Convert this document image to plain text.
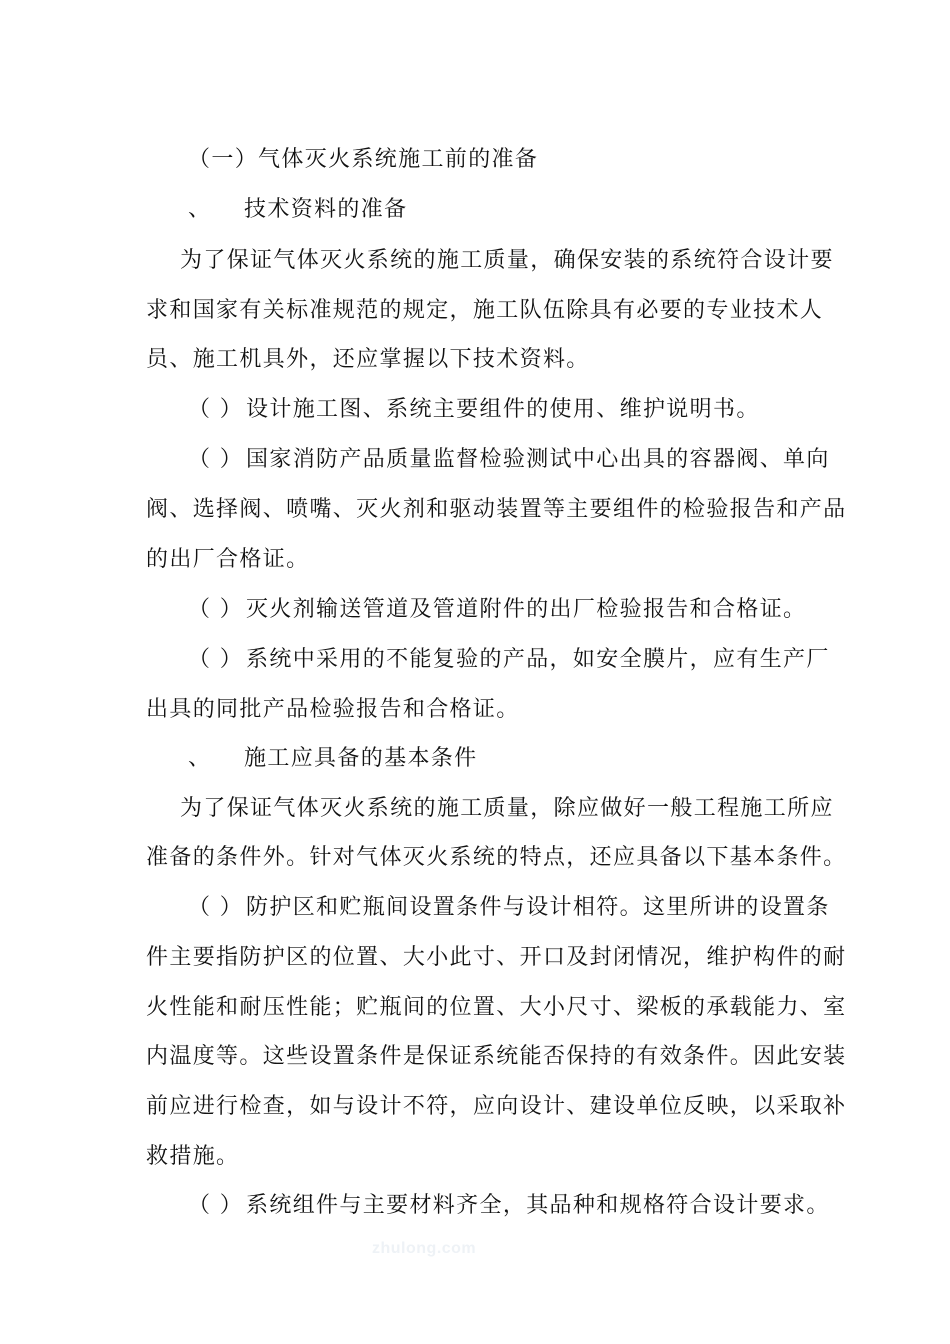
（一）气体灭火系统施工前的准备
、 技术资料的准备
为了保证气体灭火系统的施工质量，确保安装的系统符合设计要
求和国家有关标准规范的规定，施工队伍除具有必要的专业技术人
员、施工机具外，还应掌握以下技术资料。
（ ） 设计施工图、系统主要组件的使用、维护说明书。
（ ） 国家消防产品质量监督检验测试中心出具的容器阀、单向
阀、选择阀、喷嘴、灭火剂和驱动装置等主要组件的检验报告和产品
的出厂合格证。
（ ） 灭火剂输送管道及管道附件的出厂检验报告和合格证。
（ ） 系统中采用的不能复验的产品，如安全膜片，应有生产厂
出具的同批产品检验报告和合格证。
、 施工应具备的基本条件
为了保证气体灭火系统的施工质量，除应做好一般工程施工所应
准备的条件外。针对气体灭火系统的特点，还应具备以下基本条件。
（ ） 防护区和贮瓶间设置条件与设计相符。这里所讲的设置条
件主要指防护区的位置、大小此寸、开口及封闭情况，维护构件的耐
火性能和耐压性能；贮瓶间的位置、大小尺寸、梁板的承载能力、室
内温度等。这些设置条件是保证系统能否保持的有效条件。因此安装
前应进行检查，如与设计不符，应向设计、建设单位反映，以采取补
救措施。
（ ） 系统组件与主要材料齐全，其品种和规格符合设计要求。
zhulong.com
